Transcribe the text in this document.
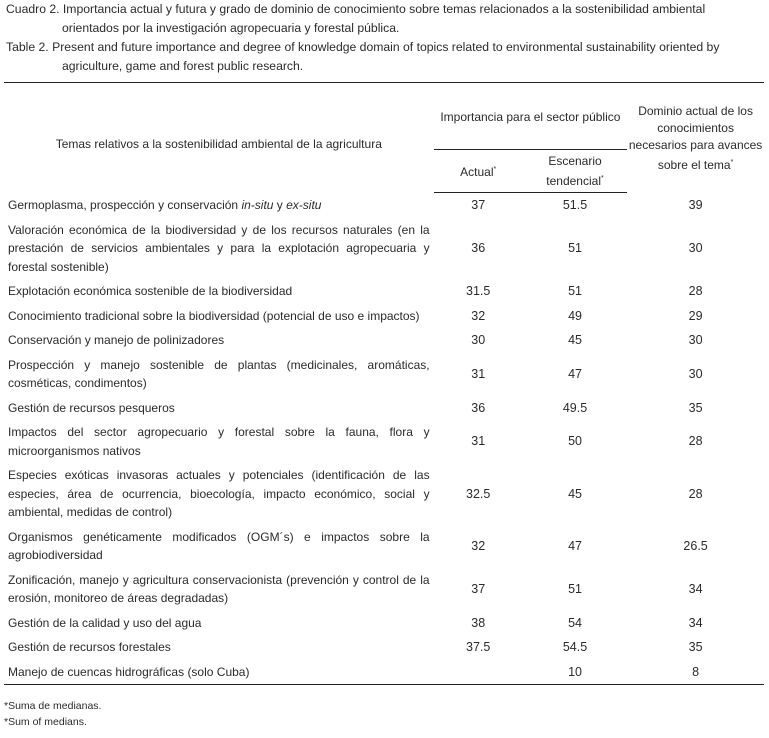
Cuadro 2. Importancia actual y futura y grado de dominio de conocimiento sobre temas relacionados a la sostenibilidad ambiental
orientados por la investigación agropecuaria y forestal pública.
Table 2. Present and future importance and degree of knowledge domain of topics related to environmental sustainability oriented by
agriculture, game and forest public research.
Temas relativos a la sostenibilidad ambiental de la agricultura	Importancia para el sector público		Dominio actual de los conocimientos necesarios para avances sobre el tema*
	Actual*	Escenario tendencial*
Germoplasma, prospección y conservación in-situ y ex-situ	37	51.5	39
Valoración económica de la biodiversidad y de los recursos naturales (en la prestación de servicios ambientales y para la explotación agropecuaria y forestal sostenible)	36	51	30
Explotación económica sostenible de la biodiversidad	31.5	51	28
Conocimiento tradicional sobre la biodiversidad (potencial de uso e impactos)	32	49	29
Conservación y manejo de polinizadores	30	45	30
Prospección y manejo sostenible de plantas (medicinales, aromáticas, cosméticas, condimentos)	31	47	30
Gestión de recursos pesqueros	36	49.5	35
Impactos del sector agropecuario y forestal sobre la fauna, flora y microorganismos nativos	31	50	28
Especies exóticas invasoras actuales y potenciales (identificación de las especies, área de ocurrencia, bioecología, impacto económico, social y ambiental, medidas de control)	32.5	45	28
Organismos genéticamente modificados (OGM´s) e impactos sobre la agrobiodiversidad	32	47	26.5
Zonificación, manejo y agricultura conservacionista (prevención y control de la erosión, monitoreo de áreas degradadas)	37	51	34
Gestión de la calidad y uso del agua	38	54	34
Gestión de recursos forestales	37.5	54.5	35
Manejo de cuencas hidrográficas (solo Cuba)		10	8
*Suma de medianas.
*Sum of medians.
